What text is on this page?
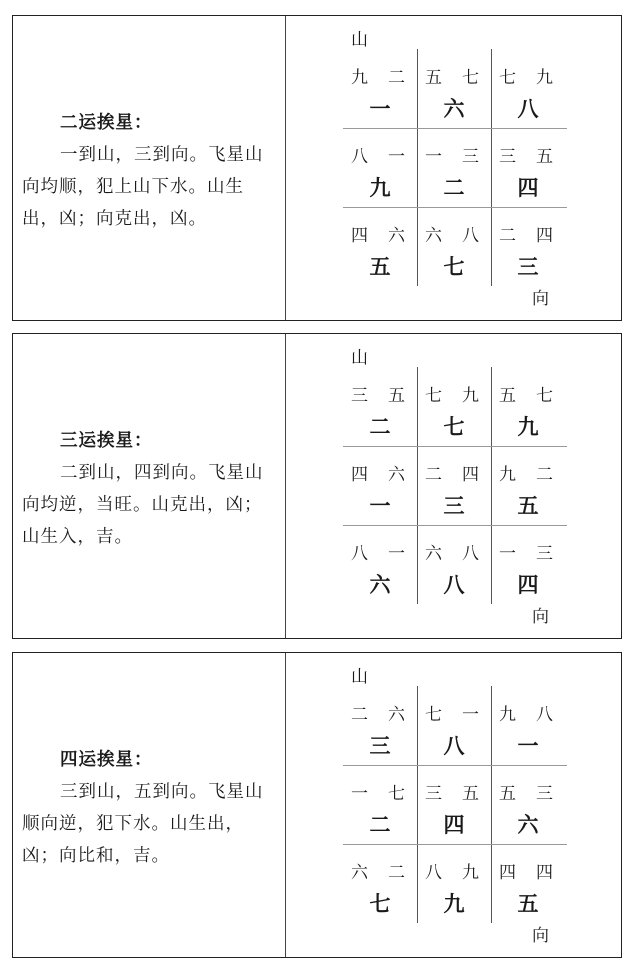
二运挨星：
一到山，三到向。飞星山向均顺，犯上山下水。山生出，凶；向克出，凶。
山
九 二
一
五 七
六
七 九
八
八 一
九
一 三
二
三 五
四
四 六
五
六 八
七
二 四
三
向
三运挨星：
二到山，四到向。飞星山向均逆，当旺。山克出，凶；山生入，吉。
山
三 五
二
七 九
七
五 七
九
四 六
一
二 四
三
九 二
五
八 一
六
六 八
八
一 三
四
向
四运挨星：
三到山，五到向。飞星山顺向逆，犯下水。山生出，凶；向比和，吉。
山
二 六
三
七 一
八
九 八
一
一 七
二
三 五
四
五 三
六
六 二
七
八 九
九
四 四
五
向
